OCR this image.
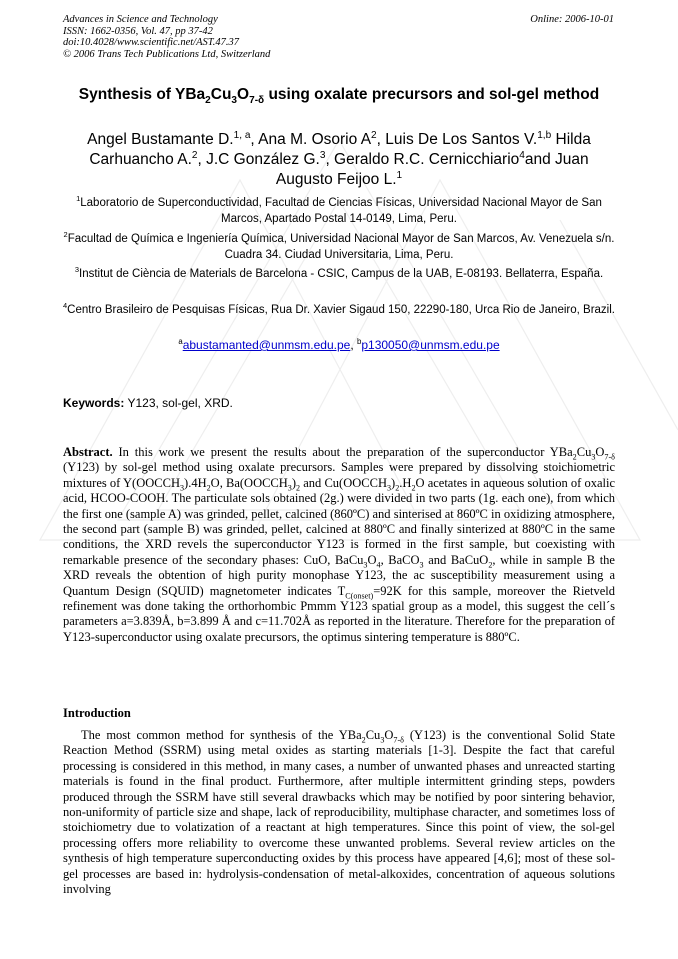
Advances in Science and Technology
ISSN: 1662-0356, Vol. 47, pp 37-42
doi:10.4028/www.scientific.net/AST.47.37
© 2006 Trans Tech Publications Ltd, Switzerland
Online: 2006-10-01
Synthesis of $YBa_2Cu_3O_{7-\delta}$ using oxalate precursors and sol-gel method
Angel Bustamante D.$^{1, a}$, Ana M. Osorio $A^2$, Luis De Los Santos V.$^{1,b}$ Hilda Carhuancho A.$^2$, J.C González G.$^3$, Geraldo R.C. Cernicchiario$^4$and Juan Augusto Feijoo L.$^1$
$^1$Laboratorio de Superconductividad, Facultad de Ciencias Físicas, Universidad Nacional Mayor de San Marcos, Apartado Postal 14-0149, Lima, Peru.
$^2$Facultad de Química e Ingeniería Química, Universidad Nacional Mayor de San Marcos, Av. Venezuela s/n. Cuadra 34. Ciudad Universitaria, Lima, Peru.
$^3$Institut de Ciència de Materials de Barcelona - CSIC, Campus de la UAB, E-08193. Bellaterra, España.
$^4$Centro Brasileiro de Pesquisas Físicas, Rua Dr. Xavier Sigaud 150, 22290-180, Urca Rio de Janeiro, Brazil.
$^a$abustamanted@unmsm.edu.pe, $^b$p130050@unmsm.edu.pe
Keywords: Y123, sol-gel, XRD.
Abstract. In this work we present the results about the preparation of the superconductor $YBa_2Cu_3O_{7-\delta}$ (Y123) by sol-gel method using oxalate precursors. Samples were prepared by dissolving stoichiometric mixtures of $Y(OOCCH_3).4H_2O$, $Ba(OOCCH_3)_2$ and $Cu(OOCCH_3)_2.H_2O$ acetates in aqueous solution of oxalic acid, HCOO-COOH. The particulate sols obtained (2g.) were divided in two parts (1g. each one), from which the first one (sample A) was grinded, pellet, calcined (860ºC) and sinterised at 860ºC in oxidizing atmosphere, the second part (sample B) was grinded, pellet, calcined at 880ºC and finally sinterized at 880ºC in the same conditions, the XRD revels the superconductor Y123 is formed in the first sample, but coexisting with remarkable presence of the secondary phases: CuO, $BaCu_3O_4$, BaCO$_3$ and BaCuO$_2$, while in sample B the XRD reveals the obtention of high purity monophase Y123, the ac susceptibility measurement using a Quantum Design (SQUID) magnetometer indicates $T_{C(onset)}=92K$ for this sample, moreover the Rietveld refinement was done taking the orthorhombic Pmmm Y123 spatial group as a model, this suggest the cell´s parameters a=3.839Å, b=3.899 Å and c=11.702Å as reported in the literature. Therefore for the preparation of Y123-superconductor using oxalate precursors, the optimus sintering temperature is 880ºC.
Introduction
The most common method for synthesis of the $YBa_2Cu_3O_{7-\delta}$ (Y123) is the conventional Solid State Reaction Method (SSRM) using metal oxides as starting materials [1-3]. Despite the fact that careful processing is considered in this method, in many cases, a number of unwanted phases and unreacted starting materials is found in the final product. Furthermore, after multiple intermittent grinding steps, powders produced through the SSRM have still several drawbacks which may be notified by poor sintering behavior, non-uniformity of particle size and shape, lack of reproducibility, multiphase character, and sometimes loss of stoichiometry due to volatization of a reactant at high temperatures. Since this point of view, the sol-gel processing offers more reliability to overcome these unwanted problems. Several review articles on the synthesis of high temperature superconducting oxides by this process have appeared [4,6]; most of these sol-gel processes are based in: hydrolysis-condensation of metal-alkoxides, concentration of aqueous solutions involving
